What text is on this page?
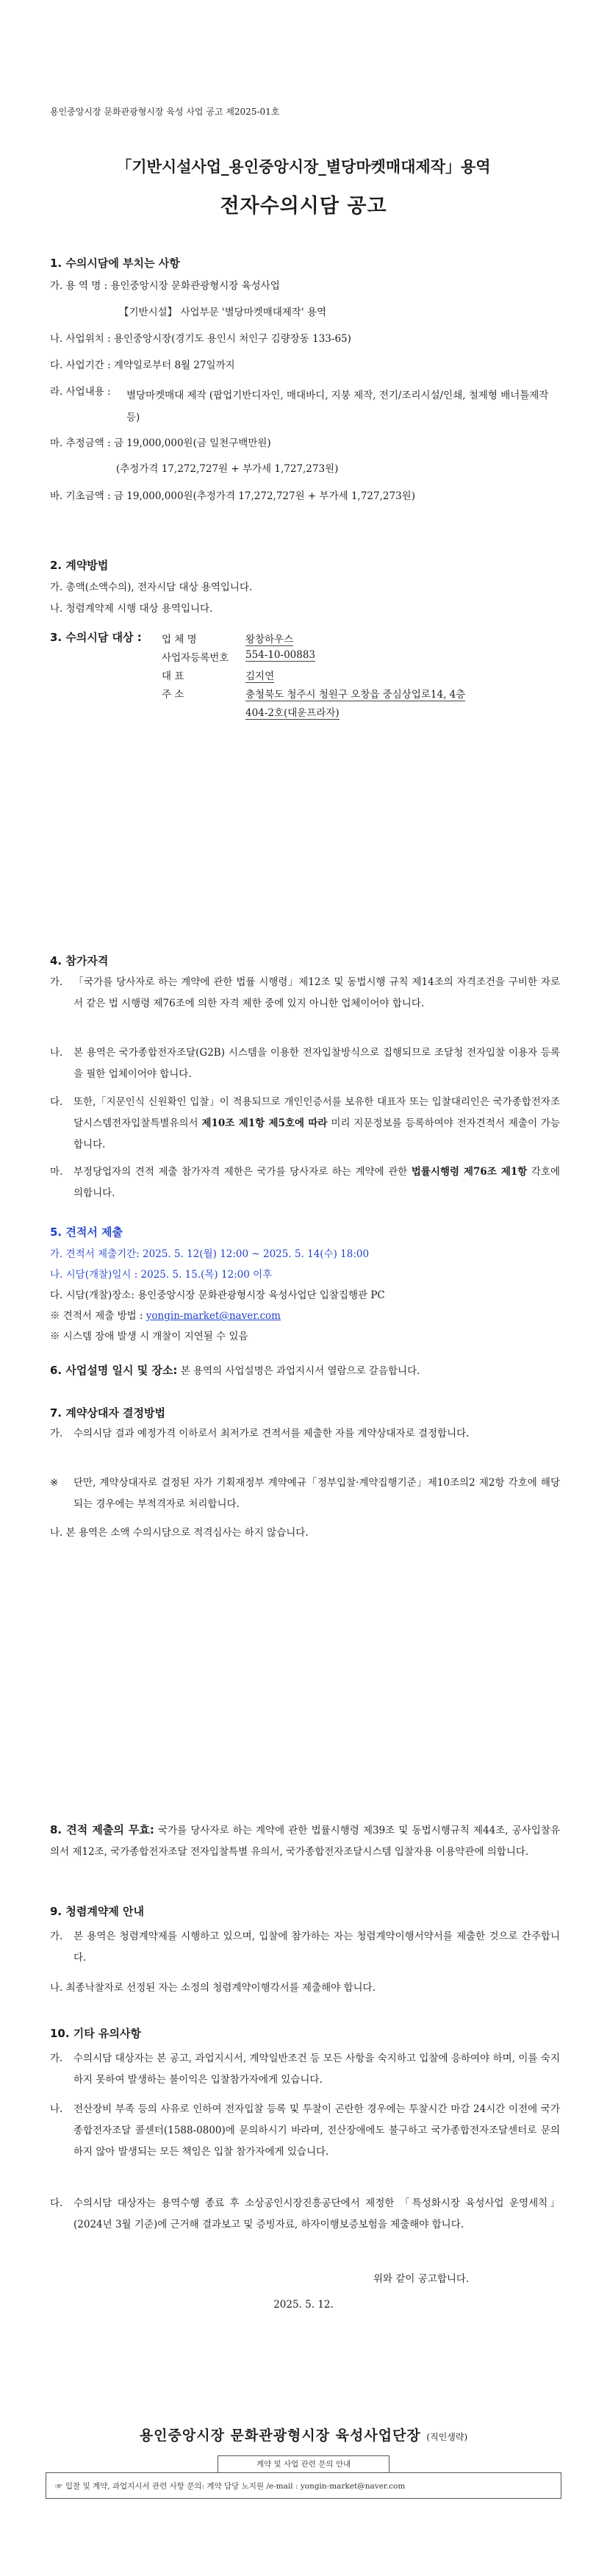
용인중앙시장 문화관광형시장 육성 사업 공고 제2025-01호
「기반시설사업_용인중앙시장_별당마켓매대제작」용역
전자수의시담 공고
1. 수의시담에 부치는 사항
가. 용 역 명 : 용인중앙시장 문화관광형시장 육성사업
【기반시설】 사업부문 '별당마켓매대제작' 용역
나. 사업위치 : 용인중앙시장(경기도 용인시 처인구 김량장동 133-65)
다. 사업기간 : 계약일로부터 8월 27일까지
라. 사업내용 : 별당마켓매대 제작 (팝업기반디자인, 매대바디, 지붕 제작, 전기/조리시설/인쇄, 철제형 배너틀제작 등)
마. 추정금액 : 금 19,000,000원(금 일천구백만원)
(추정가격 17,272,727원 + 부가세 1,727,273원)
바. 기초금액 : 금 19,000,000원(추정가격 17,272,727원 + 부가세 1,727,273원)
2. 계약방법
가. 총액(소액수의), 전자시담 대상 용역입니다.
나. 청렴계약제 시행 대상 용역입니다.
3. 수의시담 대상 : 업 체 명	왕창하우스
사업자등록번호 554-10-00883
대 표	김지연
주 소	충청북도 청주시 청원구 오창읍 중심상업로14, 4층
404-2호(대운프라자)
4. 참가자격
가. 「국가를 당사자로 하는 계약에 관한 법률 시행령」제12조 및 동법시행 규칙 제14조의 자격조건을 구비한 자로서 같은 법 시행령 제76조에 의한 자격 제한 중에 있지 아니한 업체이어야 합니다.
나. 본 용역은 국가종합전자조달(G2B) 시스템을 이용한 전자입찰방식으로 집행되므로 조달청 전자입찰 이용자 등록을 필한 업체이어야 합니다.
다. 또한,「지문인식 신원확인 입찰」이 적용되므로 개인인증서를 보유한 대표자 또는 입찰대리인은 국가종합전자조달시스템전자입찰특별유의서 제10조 제1항 제5호에 따라 미리 지문정보를 등록하여야 전자견적서 제출이 가능합니다.
마. 부정당업자의 견적 제출 참가자격 제한은 국가를 당사자로 하는 계약에 관한 법률시행령 제76조 제1항 각호에 의합니다.
5. 견적서 제출
가. 견적서 제출기간: 2025. 5. 12(월) 12:00 ~ 2025. 5. 14(수) 18:00
나. 시담(개찰)일시 : 2025. 5. 15.(목) 12:00 이후
다. 시담(개찰)장소: 용인중앙시장 문화관광형시장 육성사업단 입찰집행관 PC
※ 견적서 제출 방법 : yongin-market@naver.com
※ 시스템 장애 발생 시 개찰이 지연될 수 있음
6. 사업설명 일시 및 장소: 본 용역의 사업설명은 과업지시서 열람으로 갈음합니다.
7. 계약상대자 결정방법
가. 수의시담 결과 예정가격 이하로서 최저가로 견적서를 제출한 자를 계약상대자로 결정합니다.
※ 단만, 계약상대자로 결정된 자가 기획재정부 계약예규「정부입찰·계약집행기준」제10조의2 제2항 각호에 해당되는 경우에는 부적격자로 처리합니다.
나. 본 용역은 소액 수의시담으로 적격심사는 하지 않습니다.
8. 견적 제출의 무효: 국가를 당사자로 하는 계약에 관한 법률시행령 제39조 및 동법시행규칙 제44조, 공사입찰유의서 제12조, 국가종합전자조달 전자입찰특별 유의서, 국가종합전자조달시스템 입찰자용 이용약관에 의합니다.
9. 청렴계약제 안내
가. 본 용역은 청렴계약제를 시행하고 있으며, 입찰에 참가하는 자는 청렴계약이행서약서를 제출한 것으로 간주합니다.
나. 최종낙찰자로 선정된 자는 소정의 청렴계약이행각서를 제출해야 합니다.
10. 기타 유의사항
가. 수의시담 대상자는 본 공고, 과업지시서, 계약일반조건 등 모든 사항을 숙지하고 입찰에 응하여야 하며, 이를 숙지하지 못하여 발생하는 불이익은 입찰참가자에게 있습니다.
나. 전산장비 부족 등의 사유로 인하여 전자입찰 등록 및 투찰이 곤란한 경우에는 투찰시간 마감 24시간 이전에 국가종합전자조달 콜센터(1588-0800)에 문의하시기 바라며, 전산장애에도 불구하고 국가종합전자조달센터로 문의하지 않아 발생되는 모든 책임은 입찰 참가자에게 있습니다.
다. 수의시담 대상자는 용역수행 종료 후 소상공인시장진흥공단에서 제정한 「특성화시장 육성사업 운영세칙」(2024년 3월 기준)에 근거해 결과보고 및 증빙자료, 하자이행보증보험을 제출해야 합니다.
위와 같이 공고합니다.
2025. 5. 12.
용인중앙시장 문화관광형시장 육성사업단장 (직인생략)
계약 및 사업 관련 문의 안내
☞ 입찰 및 계약, 과업지시서 관련 사항 문의: 계약 담당 노지원 /e-mail : yongin-market@naver.com
